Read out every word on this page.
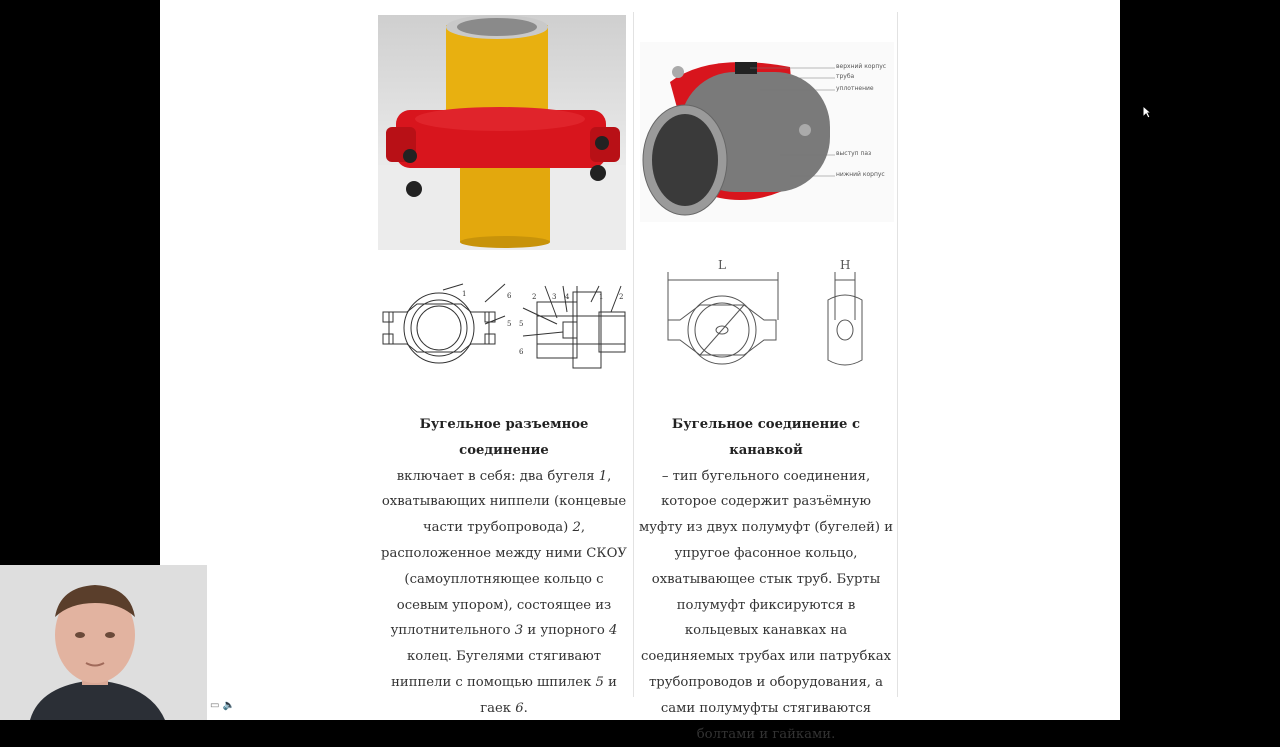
1	6
5
2 3 4	1 2
5
6
Бугельное разъемное соединение
включает в себя: два бугеля 1, охватывающих ниппели (концевые части трубопровода) 2, расположенное между ними СКОУ (самоуплотняющее кольцо с осевым упором), состоящее из уплотнительного 3 и упорного 4 колец. Бугелями стягивают ниппели с помощью шпилек 5 и гаек 6.
верхний корпус
труба
уплотнение
выступ паз
нижний корпус
L	H
Бугельное соединение с канавкой
– тип бугельного соединения, которое содержит разъёмную муфту из двух полумуфт (бугелей) и упругое фасонное кольцо, охватывающее стык труб. Бурты полумуфт фиксируются в кольцевых канавках на соединяемых трубах или патрубках трубопроводов и оборудования, а сами полумуфты стягиваются болтами и гайками.
▭ 🔈
